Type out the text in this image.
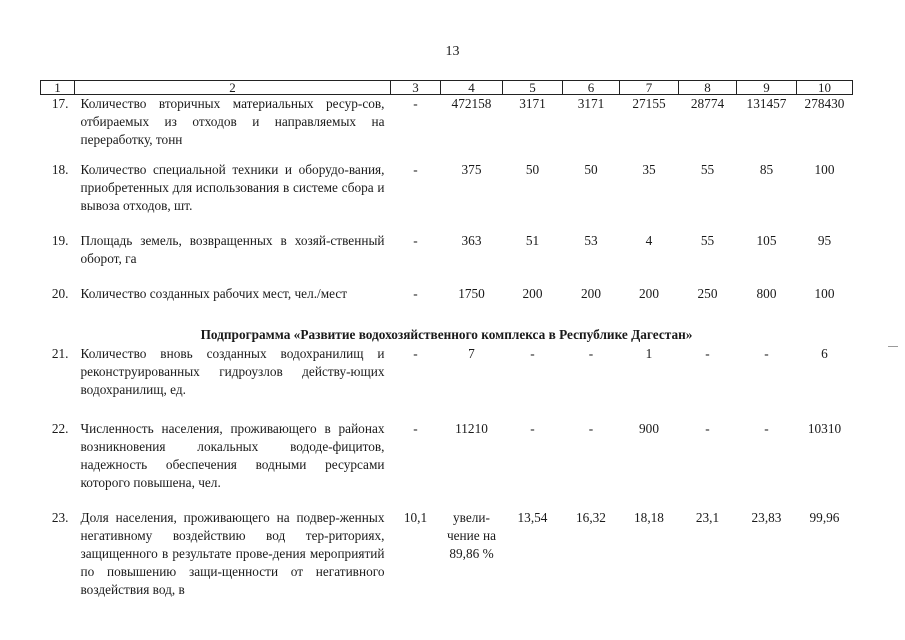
13
1	2	3	4	5	6	7	8	9	10
17.	Количество вторичных материальных ресур-сов, отбираемых из отходов и направляемых на переработку, тонн	-	472158	3171	3171	27155	28774	131457	278430
18.	Количество специальной техники и оборудо-вания, приобретенных для использования в системе сбора и вывоза отходов, шт.	-	375	50	50	35	55	85	100
19.	Площадь земель, возвращенных в хозяй-ственный оборот, га	-	363	51	53	4	55	105	95
20.	Количество созданных рабочих мест, чел./мест	-	1750	200	200	200	250	800	100
Подпрограмма «Развитие водохозяйственного комплекса в Республике Дагестан»									
21.	Количество вновь созданных водохранилищ и реконструированных гидроузлов действу-ющих водохранилищ, ед.	-	7	-	-	1	-	-	6
22.	Численность населения, проживающего в районах возникновения локальных вододе-фицитов, надежность обеспечения водными ресурсами которого повышена, чел.	-	11210	-	-	900	-	-	10310
23.	Доля населения, проживающего на подвер-женных негативному воздействию вод тер-риториях, защищенного в результате прове-дения мероприятий по повышению защи-щенности от негативного воздействия вод, в	10,1	увели-чение на 89,86 %	13,54	16,32	18,18	23,1	23,83	99,96
